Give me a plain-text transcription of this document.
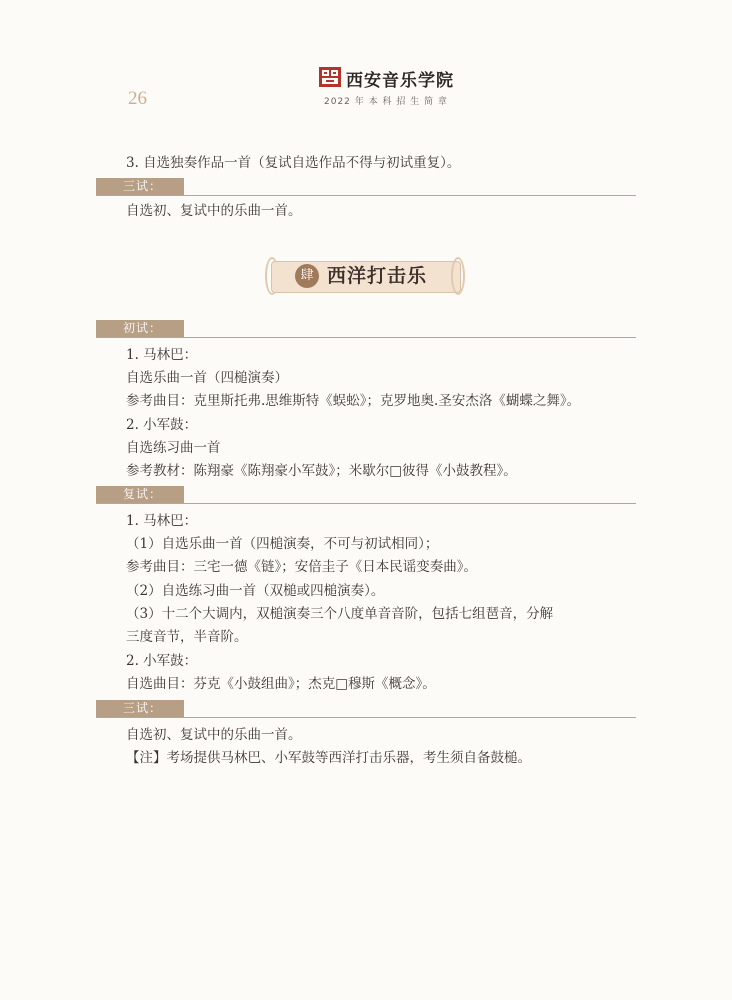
26
西安音乐学院
2022 年 本 科 招 生 简 章
3. 自选独奏作品一首（复试自选作品不得与初试重复）。
三试：
自选初、复试中的乐曲一首。
肆 西洋打击乐
初试：
1. 马林巴：
自选乐曲一首（四槌演奏）
参考曲目：克里斯托弗.思维斯特《蜈蚣》；克罗地奥.圣安杰洛《蝴蝶之舞》。
2. 小军鼓：
自选练习曲一首
参考教材：陈翔豪《陈翔豪小军鼓》；米歇尔□彼得《小鼓教程》。
复试：
1. 马林巴：
（1）自选乐曲一首（四槌演奏，不可与初试相同）；
参考曲目：三宅一德《链》；安倍圭子《日本民谣变奏曲》。
（2）自选练习曲一首（双槌或四槌演奏）。
（3）十二个大调内，双槌演奏三个八度单音音阶，包括七组琶音，分解
三度音节，半音阶。
2. 小军鼓：
自选曲目：芬克《小鼓组曲》；杰克□穆斯《概念》。
三试：
自选初、复试中的乐曲一首。
【注】考场提供马林巴、小军鼓等西洋打击乐器，考生须自备鼓槌。
